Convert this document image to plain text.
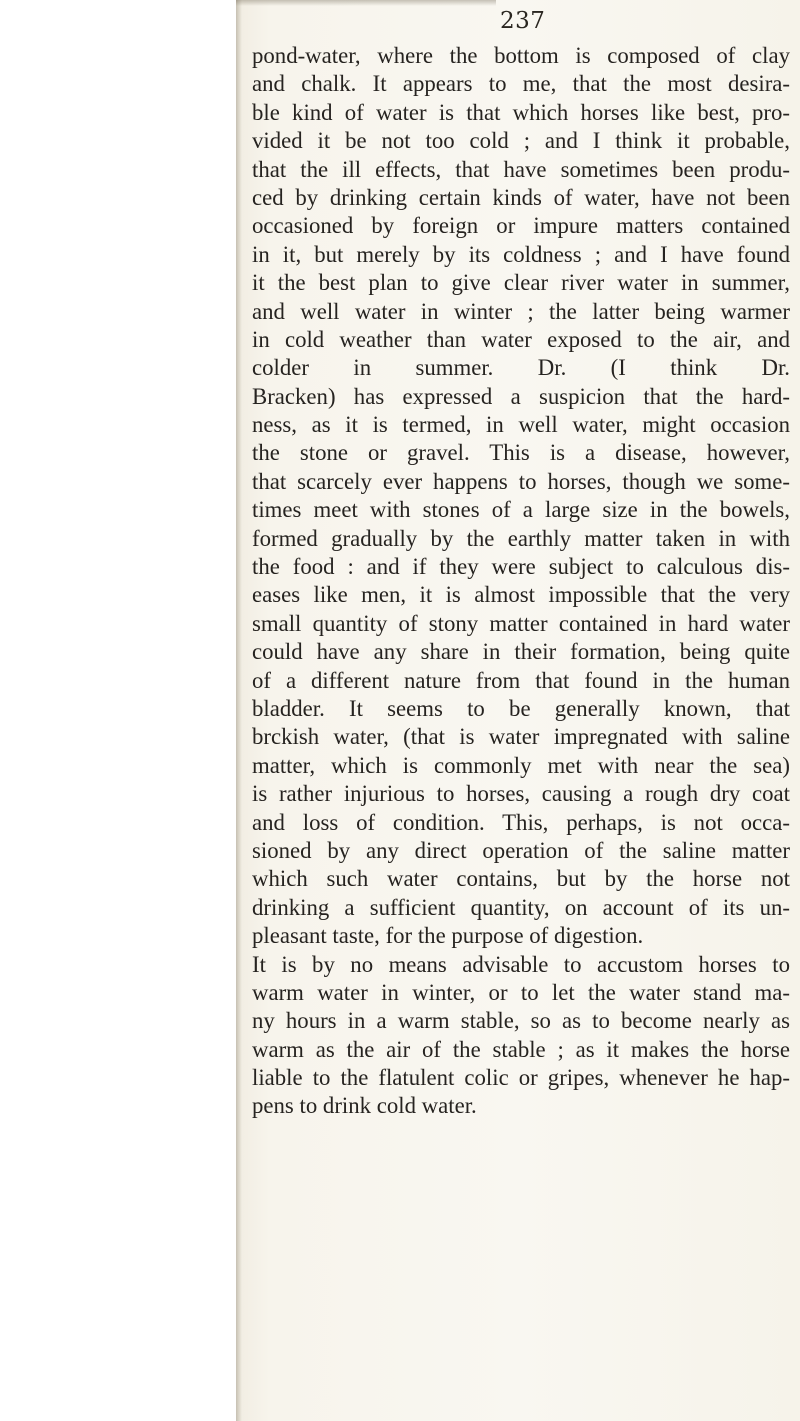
237
pond-water, where the bottom is composed of clay
and chalk. It appears to me, that the most desira-
ble kind of water is that which horses like best, pro-
vided it be not too cold ; and I think it probable,
that the ill effects, that have sometimes been produ-
ced by drinking certain kinds of water, have not been
occasioned by foreign or impure matters contained
in it, but merely by its coldness ; and I have found
it the best plan to give clear river water in summer,
and well water in winter ; the latter being warmer
in cold weather than water exposed to the air, and
colder in summer. Dr. (I think Dr.
Bracken) has expressed a suspicion that the hard-
ness, as it is termed, in well water, might occasion
the stone or gravel. This is a disease, however,
that scarcely ever happens to horses, though we some-
times meet with stones of a large size in the bowels,
formed gradually by the earthly matter taken in with
the food : and if they were subject to calculous dis-
eases like men, it is almost impossible that the very
small quantity of stony matter contained in hard water
could have any share in their formation, being quite
of a different nature from that found in the human
bladder. It seems to be generally known, that
brckish water, (that is water impregnated with saline
matter, which is commonly met with near the sea)
is rather injurious to horses, causing a rough dry coat
and loss of condition. This, perhaps, is not occa-
sioned by any direct operation of the saline matter
which such water contains, but by the horse not
drinking a sufficient quantity, on account of its un-
pleasant taste, for the purpose of digestion.
It is by no means advisable to accustom horses to
warm water in winter, or to let the water stand ma-
ny hours in a warm stable, so as to become nearly as
warm as the air of the stable ; as it makes the horse
liable to the flatulent colic or gripes, whenever he hap-
pens to drink cold water.
